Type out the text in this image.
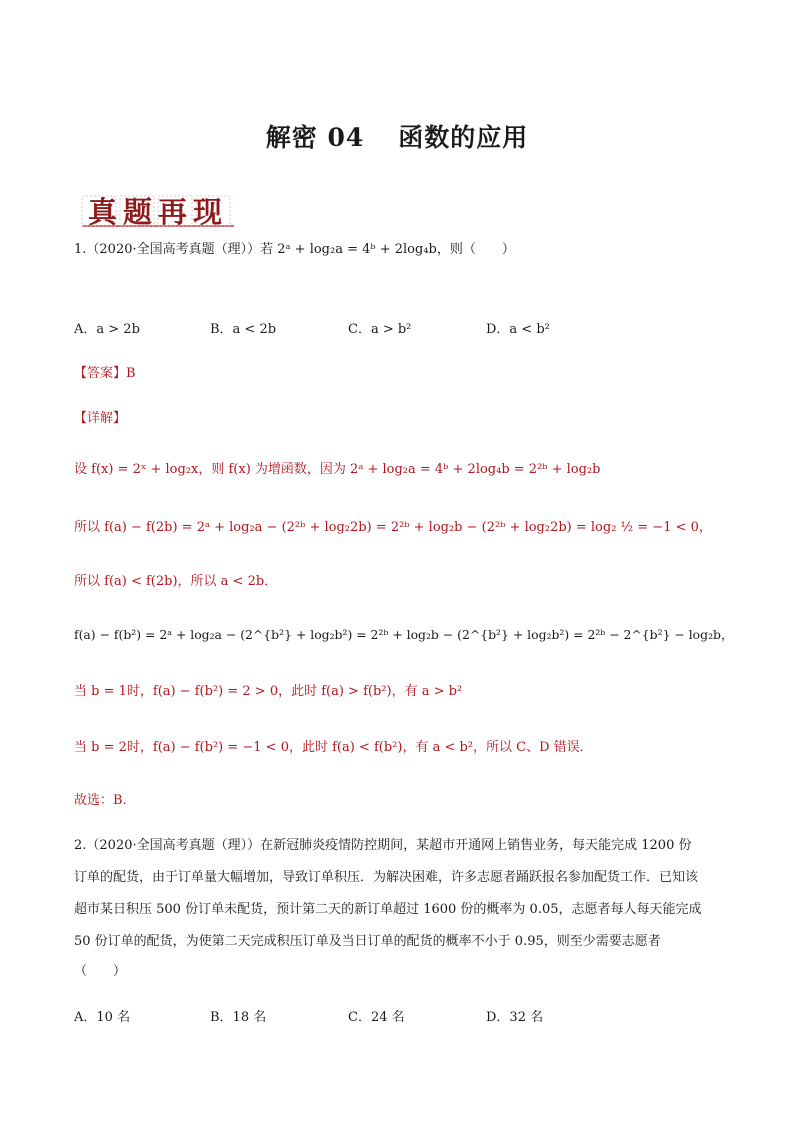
解密 04 函数的应用
真题再现
1.（2020·全国高考真题（理））若 2ᵃ + log₂a = 4ᵇ + 2log₄b，则（　　）
A．a > 2b	B．a < 2b	C．a > b²	D．a < b²
【答案】B
【详解】
设 f(x) = 2ˣ + log₂x，则 f(x) 为增函数，因为 2ᵃ + log₂a = 4ᵇ + 2log₄b = 2²ᵇ + log₂b
所以 f(a) − f(2b) = 2ᵃ + log₂a − (2²ᵇ + log₂2b) = 2²ᵇ + log₂b − (2²ᵇ + log₂2b) = log₂ ½ = −1 < 0，
所以 f(a) < f(2b)，所以 a < 2b．
f(a) − f(b²) = 2ᵃ + log₂a − (2^{b²} + log₂b²) = 2²ᵇ + log₂b − (2^{b²} + log₂b²) = 2²ᵇ − 2^{b²} − log₂b，
当 b = 1时，f(a) − f(b²) = 2 > 0，此时 f(a) > f(b²)，有 a > b²
当 b = 2时，f(a) − f(b²) = −1 < 0，此时 f(a) < f(b²)，有 a < b²，所以 C、D 错误．
故选：B.
2.（2020·全国高考真题（理））在新冠肺炎疫情防控期间，某超市开通网上销售业务，每天能完成 1200 份
订单的配货，由于订单量大幅增加，导致订单积压．为解决困难，许多志愿者踊跃报名参加配货工作．已知该
超市某日积压 500 份订单未配货，预计第二天的新订单超过 1600 份的概率为 0.05，志愿者每人每天能完成
50 份订单的配货，为使第二天完成积压订单及当日订单的配货的概率不小于 0.95，则至少需要志愿者
（　　）
A．10 名	B．18 名	C．24 名	D．32 名
